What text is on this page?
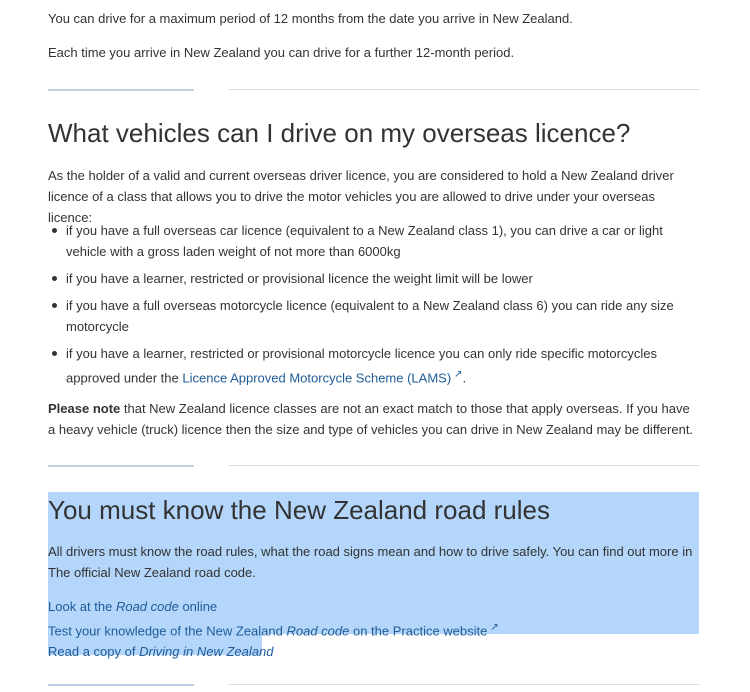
You can drive for a maximum period of 12 months from the date you arrive in New Zealand.

Each time you arrive in New Zealand you can drive for a further 12-month period.

What vehicles can I drive on my overseas licence?

As the holder of a valid and current overseas driver licence, you are considered to hold a New Zealand driver licence of a class that allows you to drive the motor vehicles you are allowed to drive under your overseas licence:

if you have a full overseas car licence (equivalent to a New Zealand class 1), you can drive a car or light vehicle with a gross laden weight of not more than 6000kg
if you have a learner, restricted or provisional licence the weight limit will be lower
if you have a full overseas motorcycle licence (equivalent to a New Zealand class 6) you can ride any size motorcycle
if you have a learner, restricted or provisional motorcycle licence you can only ride specific motorcycles approved under the Licence Approved Motorcycle Scheme (LAMS) ↗.

Please note that New Zealand licence classes are not an exact match to those that apply overseas. If you have a heavy vehicle (truck) licence then the size and type of vehicles you can drive in New Zealand may be different.

You must know the New Zealand road rules

All drivers must know the road rules, what the road signs mean and how to drive safely. You can find out more in The official New Zealand road code.

Look at the Road code online

Test your knowledge of the New Zealand Road code on the Practice website ↗

Read a copy of Driving in New Zealand
